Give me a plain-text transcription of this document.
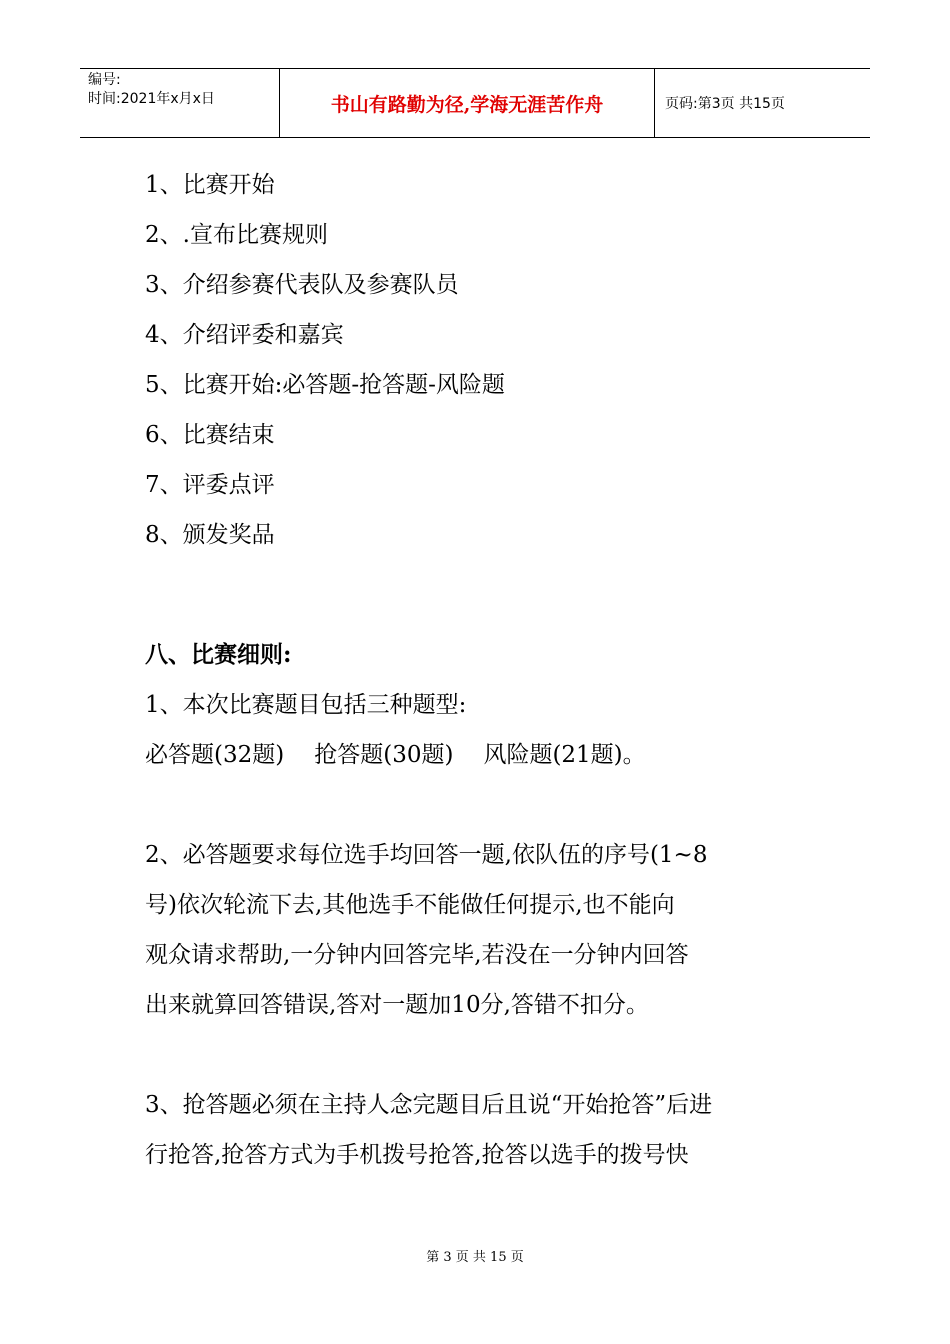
编号:
时间:2021年x月x日	书山有路勤为径,学海无涯苦作舟	页码:第3页 共15页
1、比赛开始
2、.宣布比赛规则
3、介绍参赛代表队及参赛队员
4、介绍评委和嘉宾
5、比赛开始:必答题-抢答题-风险题
6、比赛结束
7、评委点评
8、颁发奖品
八、比赛细则:
1、本次比赛题目包括三种题型:
必答题(32题) 抢答题(30题) 风险题(21题)。
2、必答题要求每位选手均回答一题,依队伍的序号(1~8
号)依次轮流下去,其他选手不能做任何提示,也不能向
观众请求帮助,一分钟内回答完毕,若没在一分钟内回答
出来就算回答错误,答对一题加10分,答错不扣分。
3、抢答题必须在主持人念完题目后且说“开始抢答”后进
行抢答,抢答方式为手机拨号抢答,抢答以选手的拨号快
第 3 页 共 15 页
